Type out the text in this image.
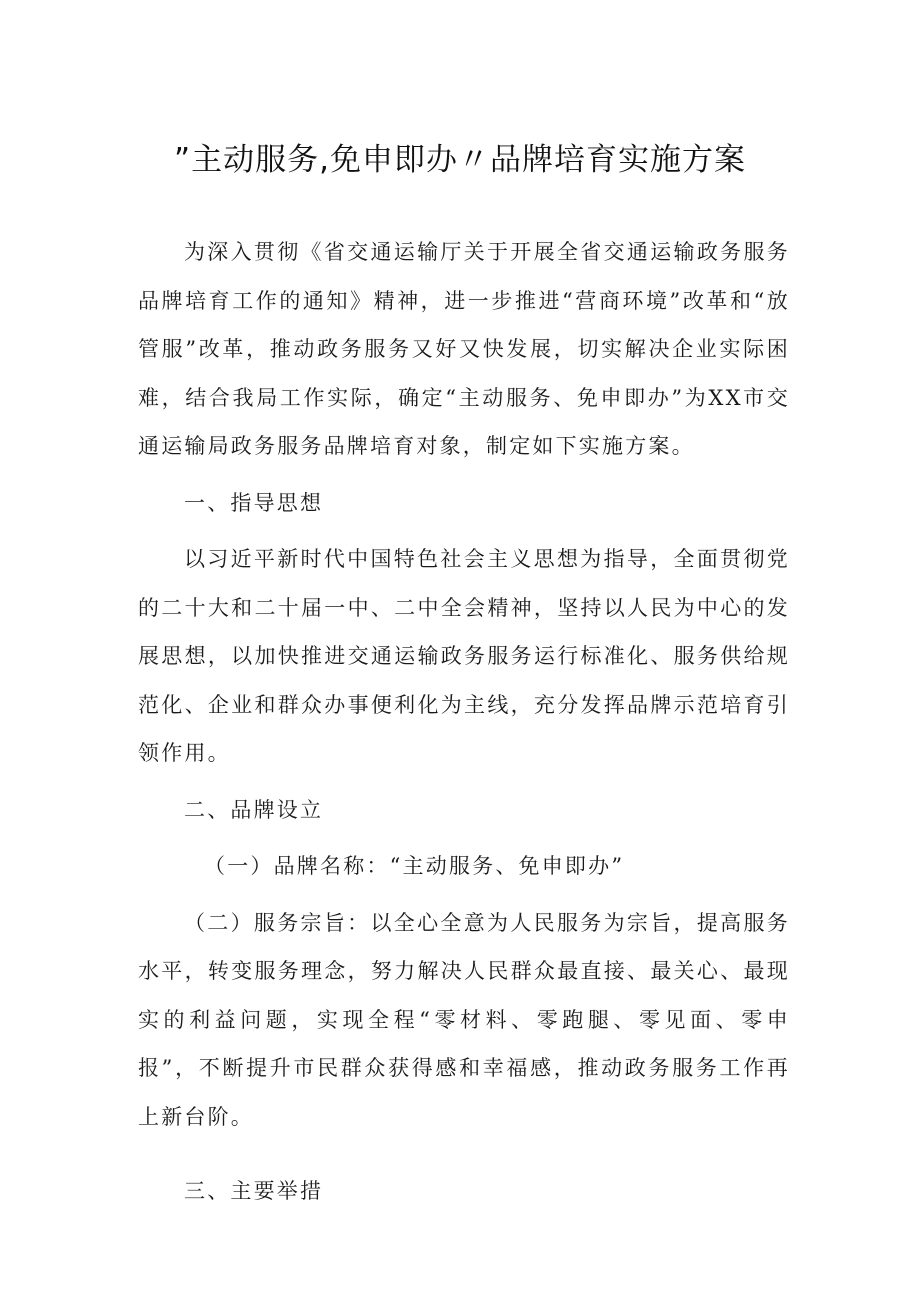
”主动服务,免申即办〃品牌培育实施方案

为深入贯彻《省交通运输厅关于开展全省交通运输政务服务品牌培育工作的通知》精神，进一步推进“营商环境”改革和“放管服”改革，推动政务服务又好又快发展，切实解决企业实际困难，结合我局工作实际，确定“主动服务、免申即办”为XX市交通运输局政务服务品牌培育对象，制定如下实施方案。

一、指导思想

以习近平新时代中国特色社会主义思想为指导，全面贯彻党的二十大和二十届一中、二中全会精神，坚持以人民为中心的发展思想，以加快推进交通运输政务服务运行标准化、服务供给规范化、企业和群众办事便利化为主线，充分发挥品牌示范培育引领作用。

二、品牌设立

（一）品牌名称：“主动服务、免申即办”

（二）服务宗旨：以全心全意为人民服务为宗旨，提高服务水平，转变服务理念，努力解决人民群众最直接、最关心、最现实的利益问题，实现全程“零材料、零跑腿、零见面、零申报”，不断提升市民群众获得感和幸福感，推动政务服务工作再上新台阶。

三、主要举措
